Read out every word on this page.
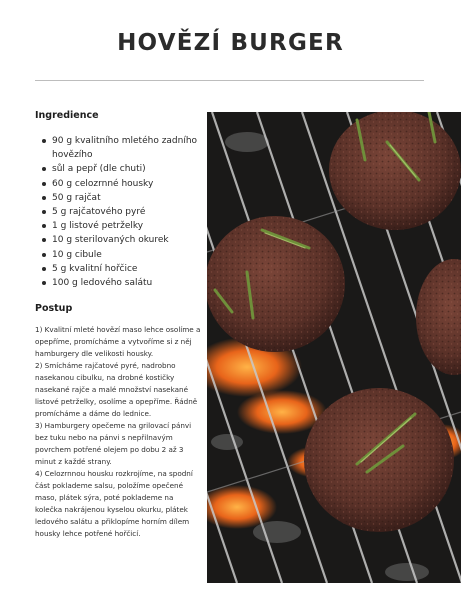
HOVĚZÍ BURGER

Ingredience

90 g kvalitního mletého zadního hovězího
sůl a pepř (dle chuti)
60 g celozrnné housky
50 g rajčat
5 g rajčatového pyré
1 g listové petrželky
10 g sterilovaných okurek
10 g cibule
5 g kvalitní hořčice
100 g ledového salátu

Postup

1) Kvalitní mleté hovězí maso lehce osolíme a opepříme, promícháme a vytvoříme si z něj hamburgery dle velikosti housky.

2) Smícháme rajčatové pyré, nadrobno nasekanou cibulku, na drobné kostičky nasekané rajče a malé množství nasekané listové petrželky, osolíme a opepříme. Řádně promícháme a dáme do lednice.

3) Hamburgery opečeme na grilovací pánvi bez tuku nebo na pánvi s nepřilnavým povrchem potřené olejem po dobu 2 až 3 minut z každé strany.

4) Celozrnnou housku rozkrojíme, na spodní část poklademe salsu, položíme opečené maso, plátek sýra, poté poklademe na kolečka nakrájenou kyselou okurku, plátek ledového salátu a přiklopíme horním dílem housky lehce potřené hořčicí.
